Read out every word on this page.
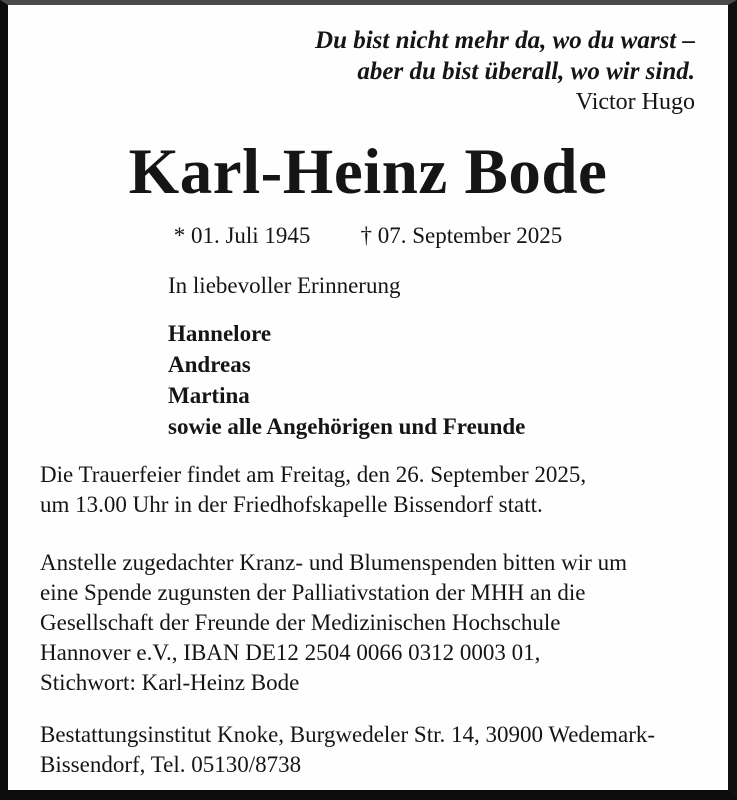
Du bist nicht mehr da, wo du warst –
aber du bist überall, wo wir sind.
Victor Hugo
Karl-Heinz Bode
* 01. Juli 1945 † 07. September 2025
In liebevoller Erinnerung
Hannelore
Andreas
Martina
sowie alle Angehörigen und Freunde
Die Trauerfeier findet am Freitag, den 26. September 2025,
um 13.00 Uhr in der Friedhofskapelle Bissendorf statt.
Anstelle zugedachter Kranz- und Blumenspenden bitten wir um
eine Spende zugunsten der Palliativstation der MHH an die
Gesellschaft der Freunde der Medizinischen Hochschule
Hannover e.V., IBAN DE12 2504 0066 0312 0003 01,
Stichwort: Karl-Heinz Bode
Bestattungsinstitut Knoke, Burgwedeler Str. 14, 30900 Wedemark-
Bissendorf, Tel. 05130/8738
